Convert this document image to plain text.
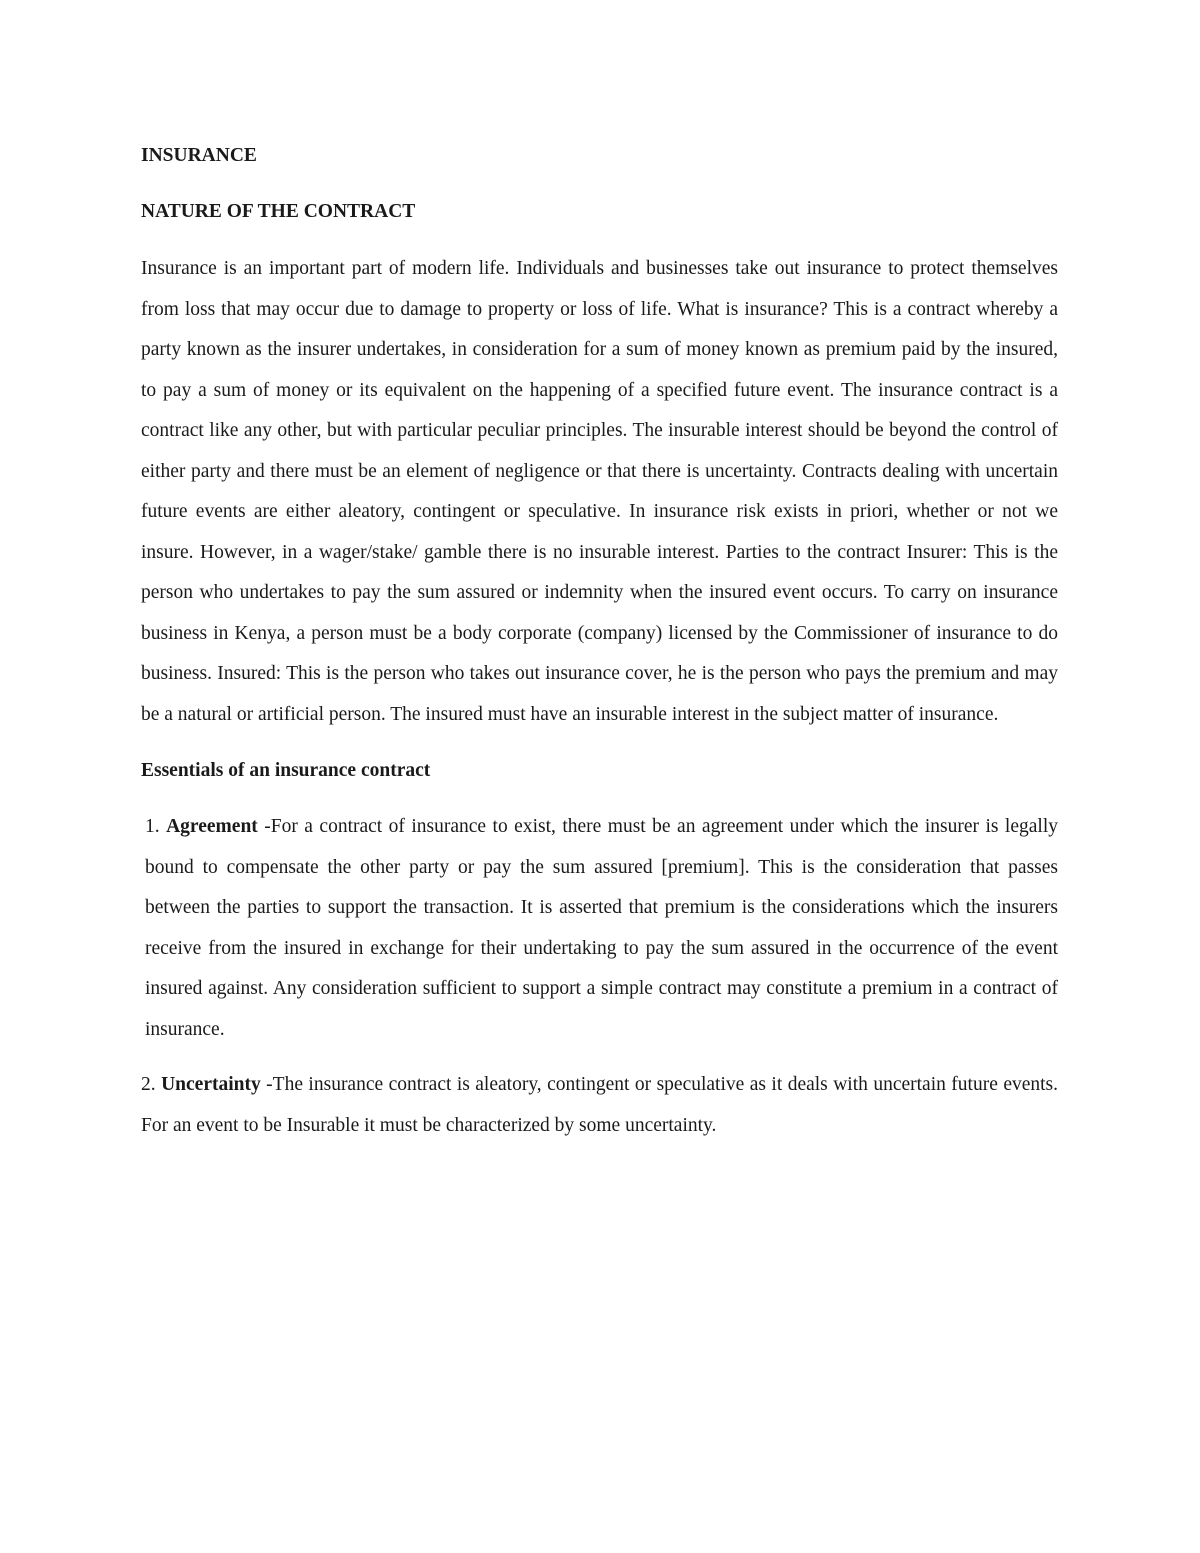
INSURANCE
NATURE OF THE CONTRACT

Insurance is an important part of modern life. Individuals and businesses take out insurance to protect themselves from loss that may occur due to damage to property or loss of life. What is insurance? This is a contract whereby a party known as the insurer undertakes, in consideration for a sum of money known as premium paid by the insured, to pay a sum of money or its equivalent on the happening of a specified future event. The insurance contract is a contract like any other, but with particular peculiar principles. The insurable interest should be beyond the control of either party and there must be an element of negligence or that there is uncertainty. Contracts dealing with uncertain future events are either aleatory, contingent or speculative. In insurance risk exists in priori, whether or not we insure. However, in a wager/stake/ gamble there is no insurable interest. Parties to the contract Insurer: This is the person who undertakes to pay the sum assured or indemnity when the insured event occurs. To carry on insurance business in Kenya, a person must be a body corporate (company) licensed by the Commissioner of insurance to do business. Insured: This is the person who takes out insurance cover, he is the person who pays the premium and may be a natural or artificial person. The insured must have an insurable interest in the subject matter of insurance.

Essentials of an insurance contract

1. Agreement -For a contract of insurance to exist, there must be an agreement under which the insurer is legally bound to compensate the other party or pay the sum assured [premium]. This is the consideration that passes between the parties to support the transaction. It is asserted that premium is the considerations which the insurers receive from the insured in exchange for their undertaking to pay the sum assured in the occurrence of the event insured against. Any consideration sufficient to support a simple contract may constitute a premium in a contract of insurance.

2. Uncertainty -The insurance contract is aleatory, contingent or speculative as it deals with uncertain future events. For an event to be Insurable it must be characterized by some uncertainty.
